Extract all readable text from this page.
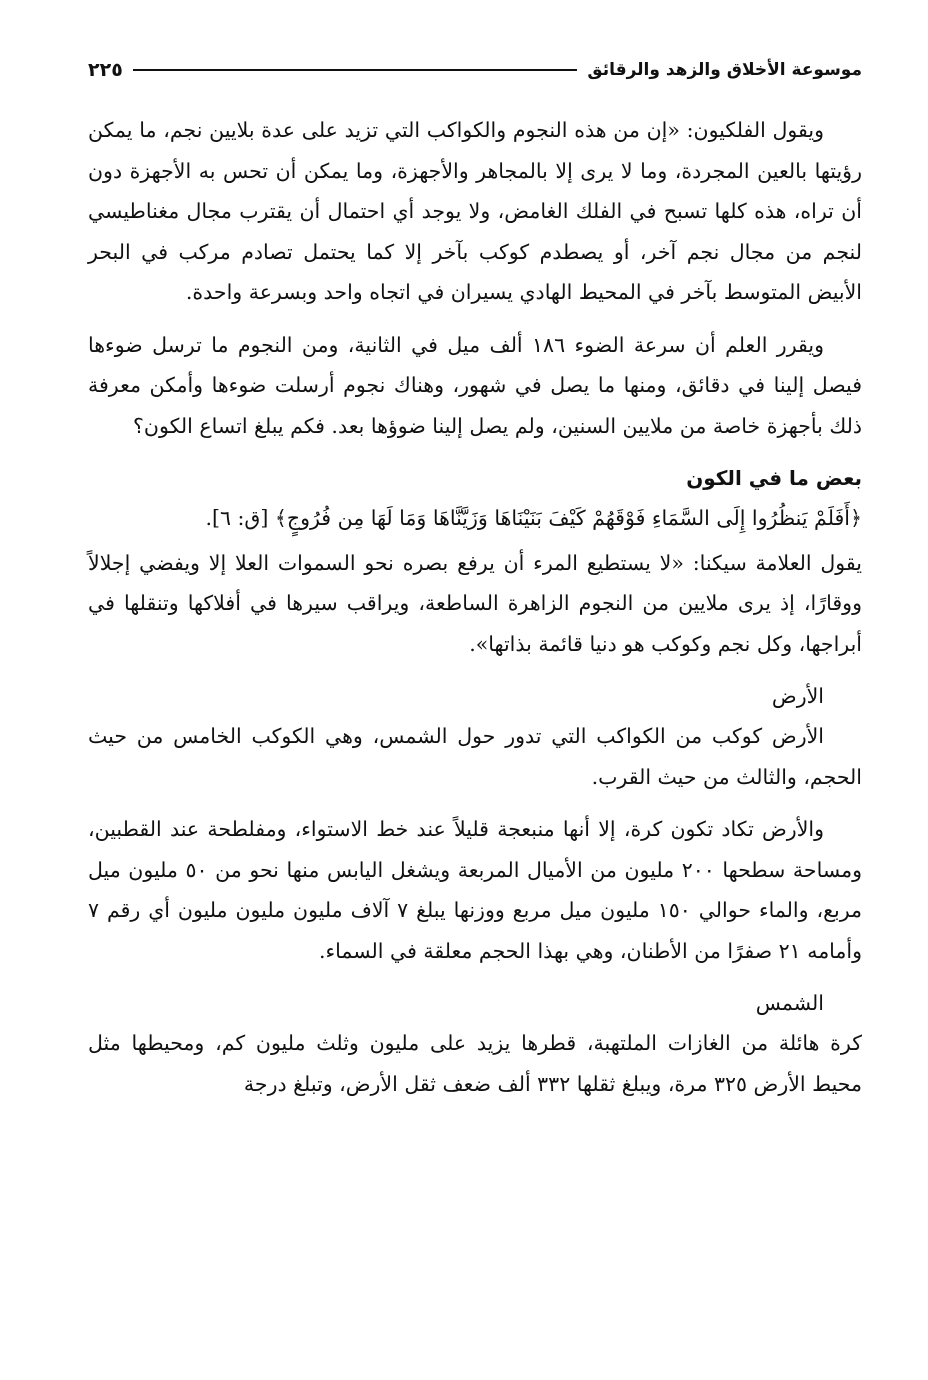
موسوعة الأخلاق والزهد والرقائق
٢٢٥

ويقول الفلكيون: «إن من هذه النجوم والكواكب التي تزيد على عدة بلايين نجم، ما يمكن رؤيتها بالعين المجردة، وما لا يرى إلا بالمجاهر والأجهزة، وما يمكن أن تحس به الأجهزة دون أن تراه، هذه كلها تسبح في الفلك الغامض، ولا يوجد أي احتمال أن يقترب مجال مغناطيسي لنجم من مجال نجم آخر، أو يصطدم كوكب بآخر إلا كما يحتمل تصادم مركب في البحر الأبيض المتوسط بآخر في المحيط الهادي يسيران في اتجاه واحد وبسرعة واحدة.

ويقرر العلم أن سرعة الضوء ١٨٦ ألف ميل في الثانية، ومن النجوم ما ترسل ضوءها فيصل إلينا في دقائق، ومنها ما يصل في شهور، وهناك نجوم أرسلت ضوءها وأمكن معرفة ذلك بأجهزة خاصة من ملايين السنين، ولم يصل إلينا ضوؤها بعد. فكم يبلغ اتساع الكون؟

بعض ما في الكون

﴿أَفَلَمْ يَنظُرُوا إِلَى السَّمَاءِ فَوْقَهُمْ كَيْفَ بَنَيْنَاهَا وَزَيَّنَّاهَا وَمَا لَهَا مِن فُرُوجٍ﴾ [ق: ٦].

يقول العلامة سيكنا: «لا يستطيع المرء أن يرفع بصره نحو السموات العلا إلا ويفضي إجلالاً ووقارًا، إذ يرى ملايين من النجوم الزاهرة الساطعة، ويراقب سيرها في أفلاكها وتنقلها في أبراجها، وكل نجم وكوكب هو دنيا قائمة بذاتها».

الأرض

الأرض كوكب من الكواكب التي تدور حول الشمس، وهي الكوكب الخامس من حيث الحجم، والثالث من حيث القرب.

والأرض تكاد تكون كرة، إلا أنها منبعجة قليلاً عند خط الاستواء، ومفلطحة عند القطبين، ومساحة سطحها ٢٠٠ مليون من الأميال المربعة ويشغل اليابس منها نحو من ٥٠ مليون ميل مربع، والماء حوالي ١٥٠ مليون ميل مربع ووزنها يبلغ ٧ آلاف مليون مليون مليون أي رقم ٧ وأمامه ٢١ صفرًا من الأطنان، وهي بهذا الحجم معلقة في السماء.

الشمس

كرة هائلة من الغازات الملتهبة، قطرها يزيد على مليون وثلث مليون كم، ومحيطها مثل محيط الأرض ٣٢٥ مرة، ويبلغ ثقلها ٣٣٢ ألف ضعف ثقل الأرض، وتبلغ درجة
